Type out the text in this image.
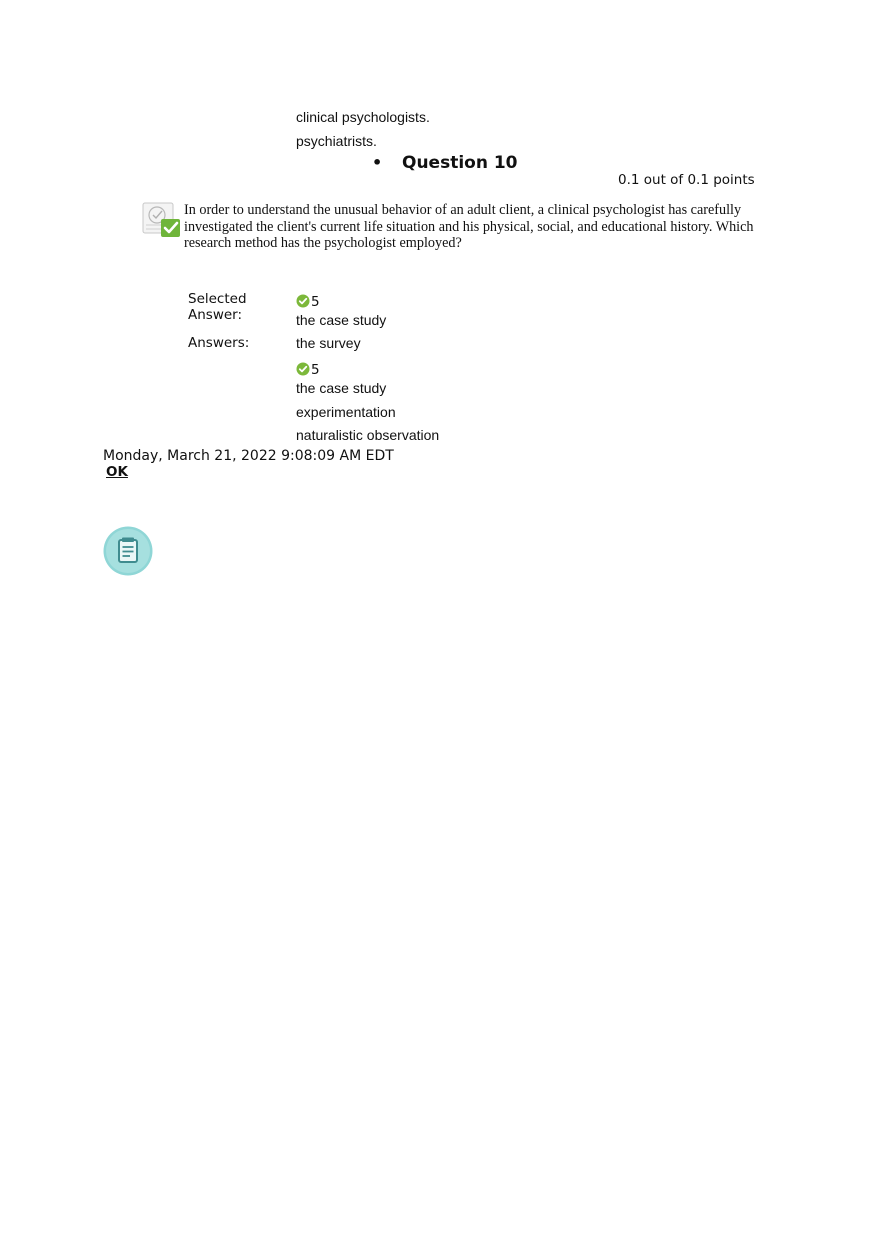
clinical psychologists.
psychiatrists.
• Question 10
0.1 out of 0.1 points
In order to understand the unusual behavior of an adult client, a clinical psychologist has carefully investigated the client's current life situation and his physical, social, and educational history. Which research method has the psychologist employed?
Selected Answer:
Answers:
5
the case study
the survey
5
the case study
experimentation
naturalistic observation
Monday, March 21, 2022 9:08:09 AM EDT
OK
